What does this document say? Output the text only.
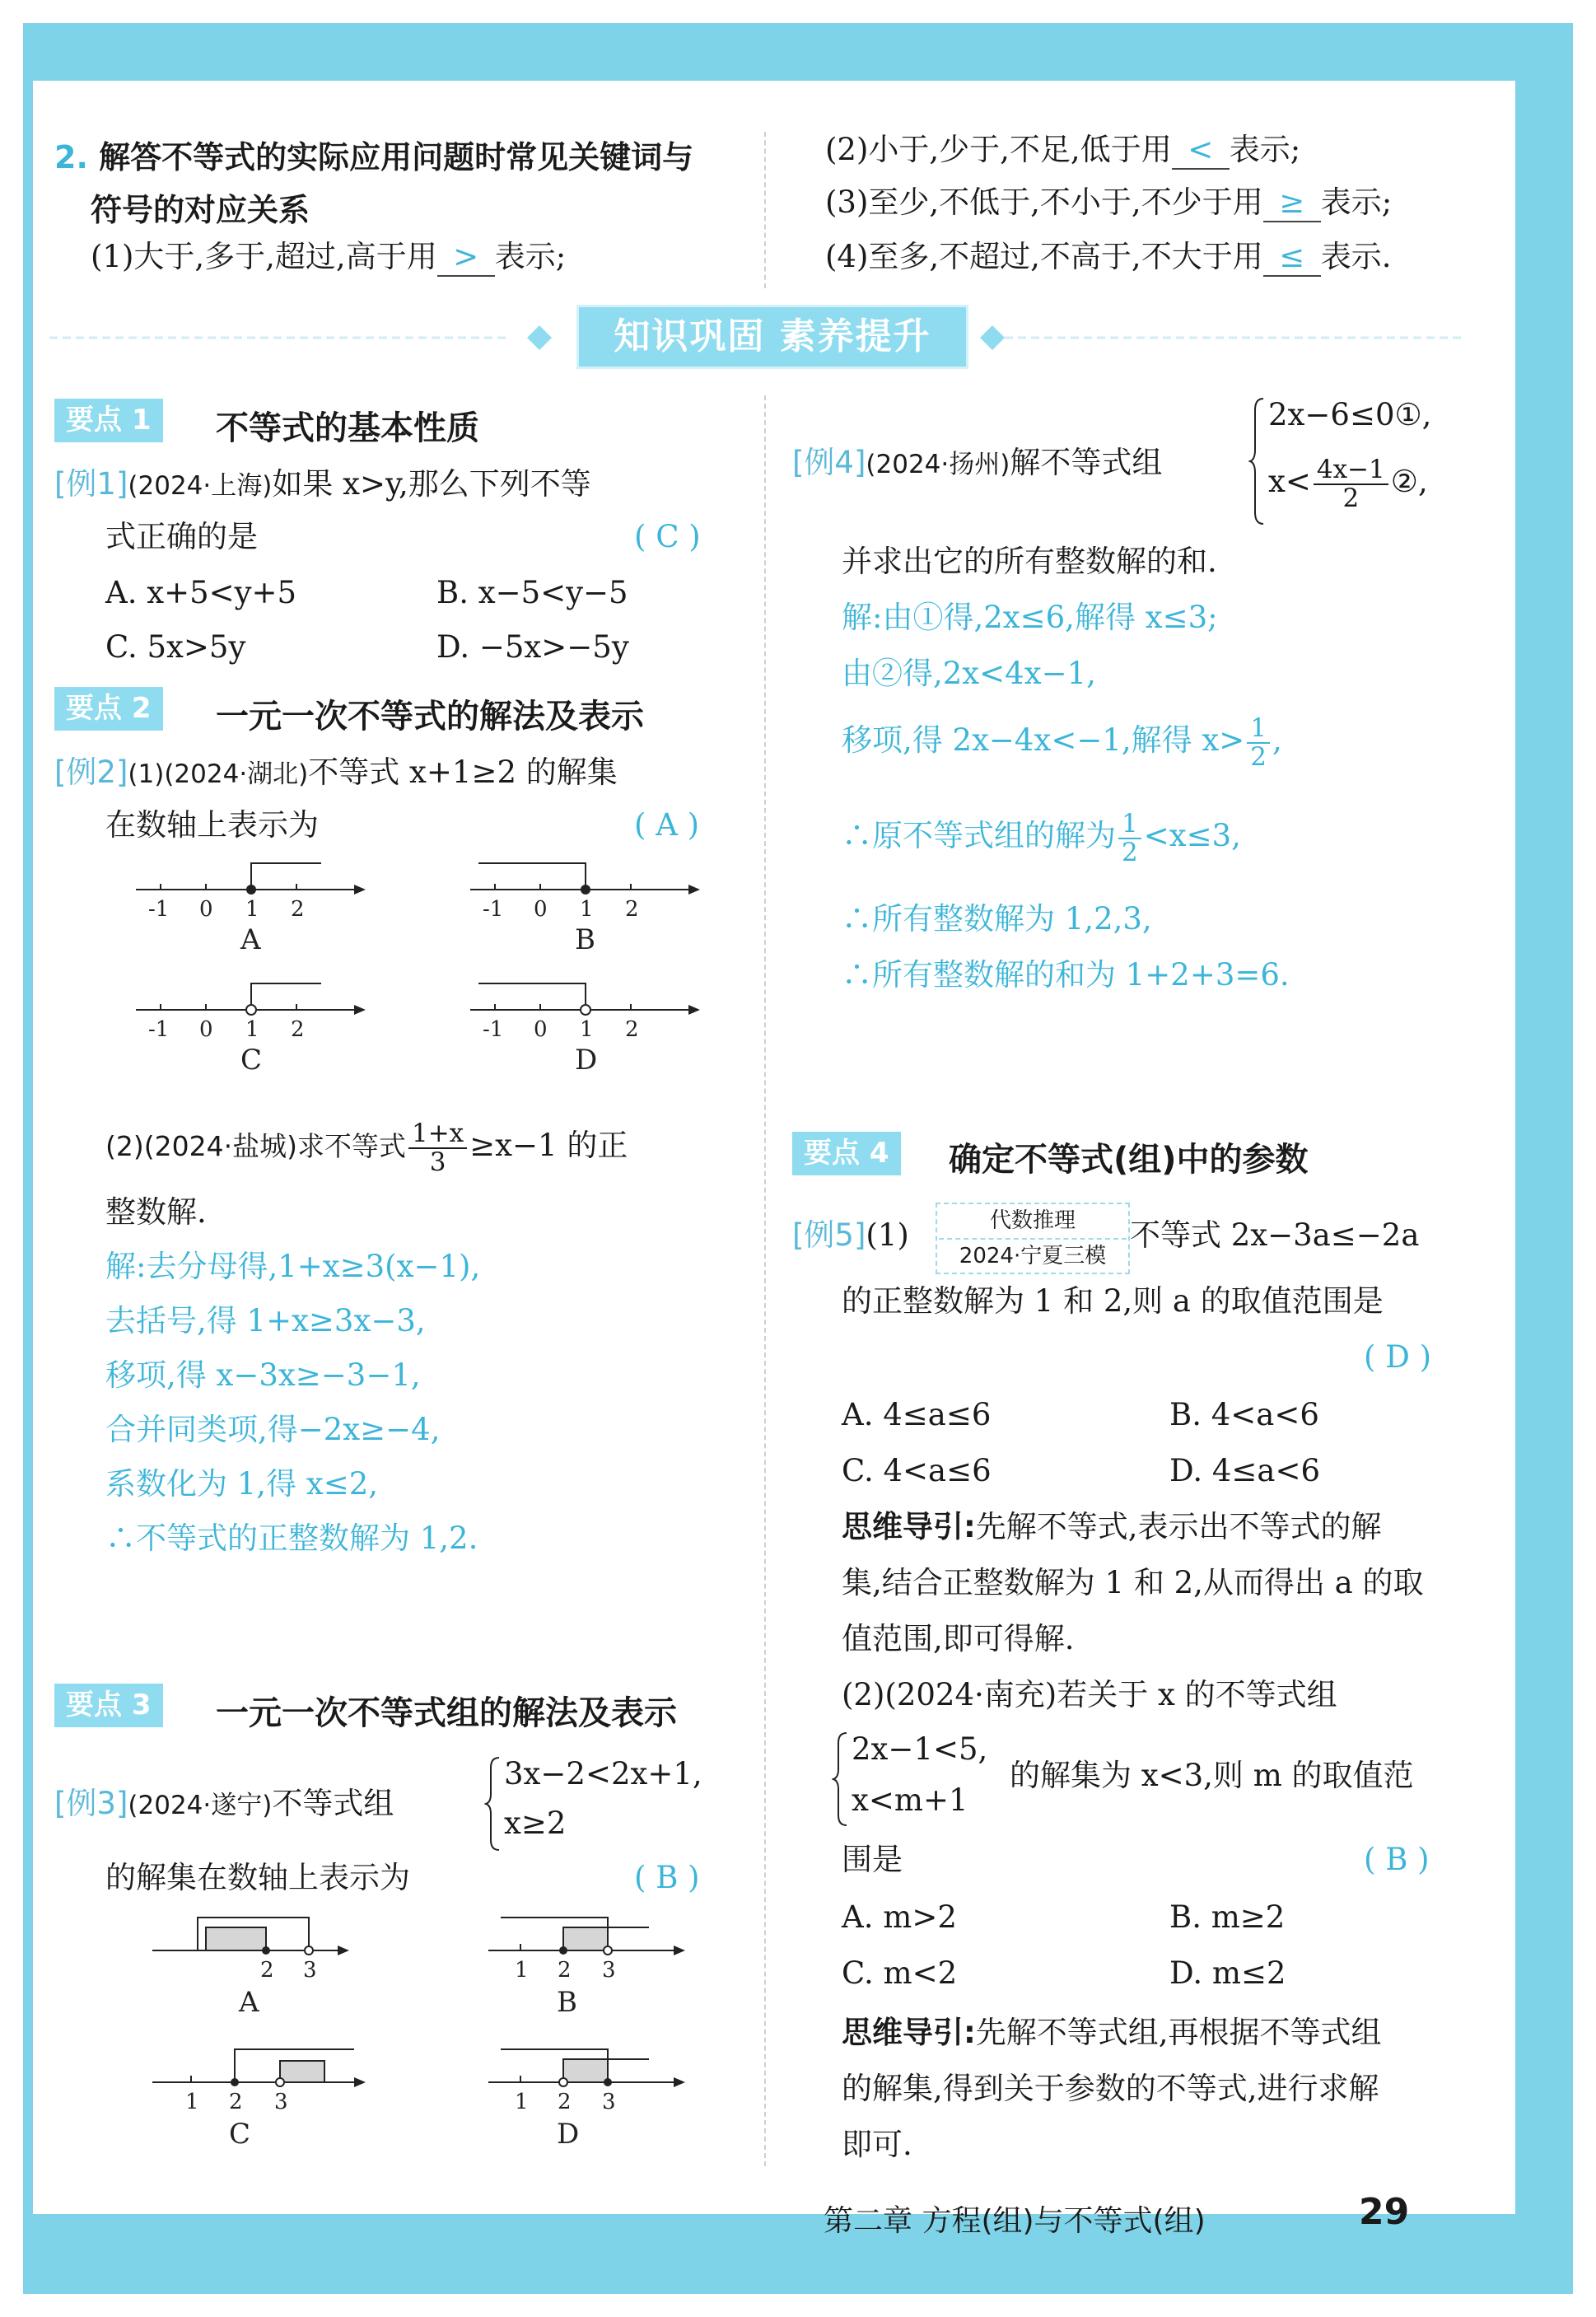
2. 解答不等式的实际应用问题时常见关键词与
符号的对应关系
(1)大于,多于,超过,高于用 > 表示;
(2)小于,少于,不足,低于用 < 表示;
(3)至少,不低于,不小于,不少于用 ≥ 表示;
(4)至多,不超过,不高于,不大于用 ≤ 表示.
知识巩固 素养提升
要点 1	不等式的基本性质
[例1](2024·上海)如果 x>y,那么下列不等
式正确的是	( C )
A. x+5<y+5	B. x−5<y−5
C. 5x>5y	D. −5x>−5y
要点 2	一元一次不等式的解法及表示
[例2](1)(2024·湖北)不等式 x+1≥2 的解集
在数轴上表示为	( A )
-1 0 1 2
A
-1 0 1 2
B
-1 0 1 2
C
-1 0 1 2
D
(2)(2024·盐城)求不等式 $\frac{1+x}{3} \ge x-1$ 的正
整数解.
解:去分母得,1+x≥3(x−1),
去括号,得 1+x≥3x−3,
移项,得 x−3x≥−3−1,
合并同类项,得−2x≥−4,
系数化为 1,得 x≤2,
∴不等式的正整数解为 1,2.
要点 3	一元一次不等式组的解法及表示
[例3](2024·遂宁)不等式组
3x−2<2x+1,
x≥2
的解集在数轴上表示为	( B )
2 3
A
1 2 3
B
1 2 3
C
1 2 3
D
[例4](2024·扬州)解不等式组
2x−6≤0①,
$x< \frac{4x-1}{2}$ ②,
并求出它的所有整数解的和.
解:由①得,2x≤6,解得 x≤3;
由②得,2x<4x−1,
移项,得 2x−4x<−1,解得 $x> \frac{1}{2}$ ,
∴原不等式组的解为 $\frac{1}{2} <x\le 3$,
∴所有整数解为 1,2,3,
∴所有整数解的和为 1+2+3=6.
要点 4	确定不等式(组)中的参数
[例5](1)	代数推理
2024·宁夏三模
不等式 2x−3a≤−2a
的正整数解为 1 和 2,则 a 的取值范围是
( D )
A. 4≤a≤6	B. 4<a<6
C. 4<a≤6	D. 4≤a<6
思维导引:先解不等式,表示出不等式的解
集,结合正整数解为 1 和 2,从而得出 a 的取
值范围,即可得解.
(2)(2024·南充)若关于 x 的不等式组
2x−1<5,
x<m+1
的解集为 x<3,则 m 的取值范
围是	( B )
A. m>2	B. m≥2
C. m<2	D. m≤2
思维导引:先解不等式组,再根据不等式组
的解集,得到关于参数的不等式,进行求解
即可.
第二章 方程(组)与不等式(组)	29
